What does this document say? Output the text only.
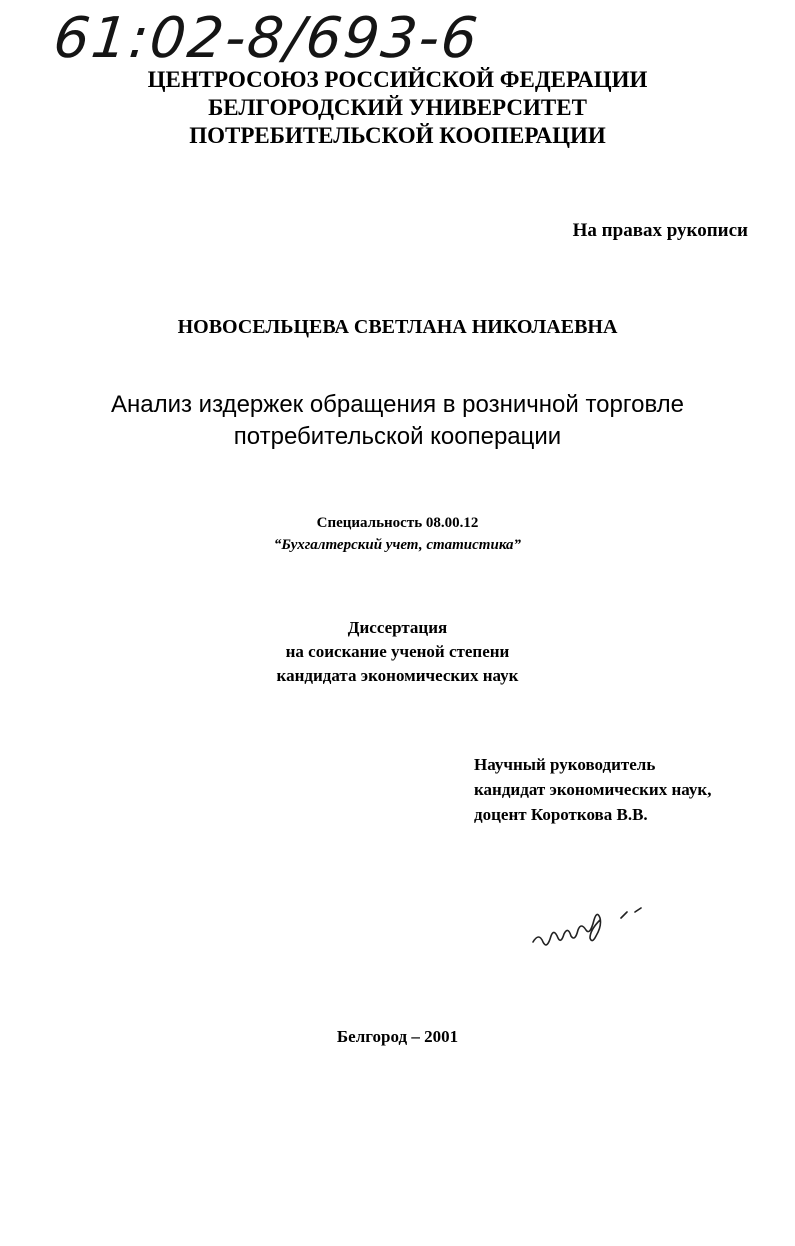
61:02-8/693-6
ЦЕНТРОСОЮЗ РОССИЙСКОЙ ФЕДЕРАЦИИ
БЕЛГОРОДСКИЙ УНИВЕРСИТЕТ
ПОТРЕБИТЕЛЬСКОЙ КООПЕРАЦИИ
На правах рукописи
НОВОСЕЛЬЦЕВА СВЕТЛАНА НИКОЛАЕВНА
Анализ издержек обращения в розничной торговле
потребительской кооперации
Специальность 08.00.12
“Бухгалтерский учет, статистика”
Диссертация
на соискание ученой степени
кандидата экономических наук
Научный руководитель
кандидат экономических наук,
доцент Короткова В.В.
Белгород – 2001
